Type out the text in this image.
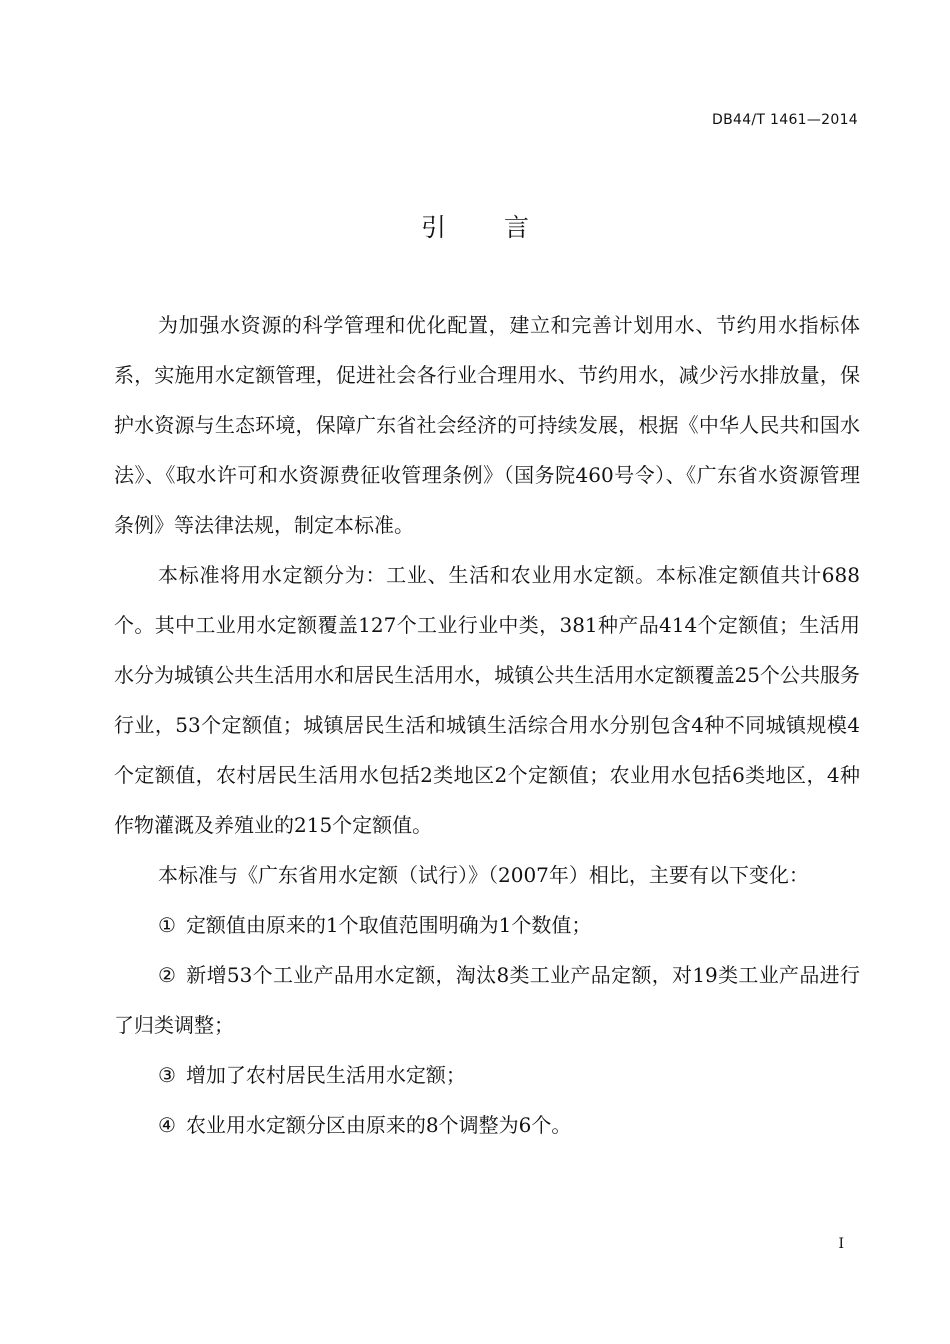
DB44/T 1461—2014
引 言

为加强水资源的科学管理和优化配置，建立和完善计划用水、节约用水指标体系，实施用水定额管理，促进社会各行业合理用水、节约用水，减少污水排放量，保护水资源与生态环境，保障广东省社会经济的可持续发展，根据《中华人民共和国水法》、《取水许可和水资源费征收管理条例》（国务院460号令）、《广东省水资源管理条例》等法律法规，制定本标准。

本标准将用水定额分为：工业、生活和农业用水定额。本标准定额值共计688个。其中工业用水定额覆盖127个工业行业中类，381种产品414个定额值；生活用水分为城镇公共生活用水和居民生活用水，城镇公共生活用水定额覆盖25个公共服务行业，53个定额值；城镇居民生活和城镇生活综合用水分别包含4种不同城镇规模4个定额值，农村居民生活用水包括2类地区2个定额值；农业用水包括6类地区，4种作物灌溉及养殖业的215个定额值。

本标准与《广东省用水定额（试行）》（2007年）相比，主要有以下变化：

① 定额值由原来的1个取值范围明确为1个数值；

② 新增53个工业产品用水定额，淘汰8类工业产品定额，对19类工业产品进行了归类调整；

③ 增加了农村居民生活用水定额；

④ 农业用水定额分区由原来的8个调整为6个。

I
